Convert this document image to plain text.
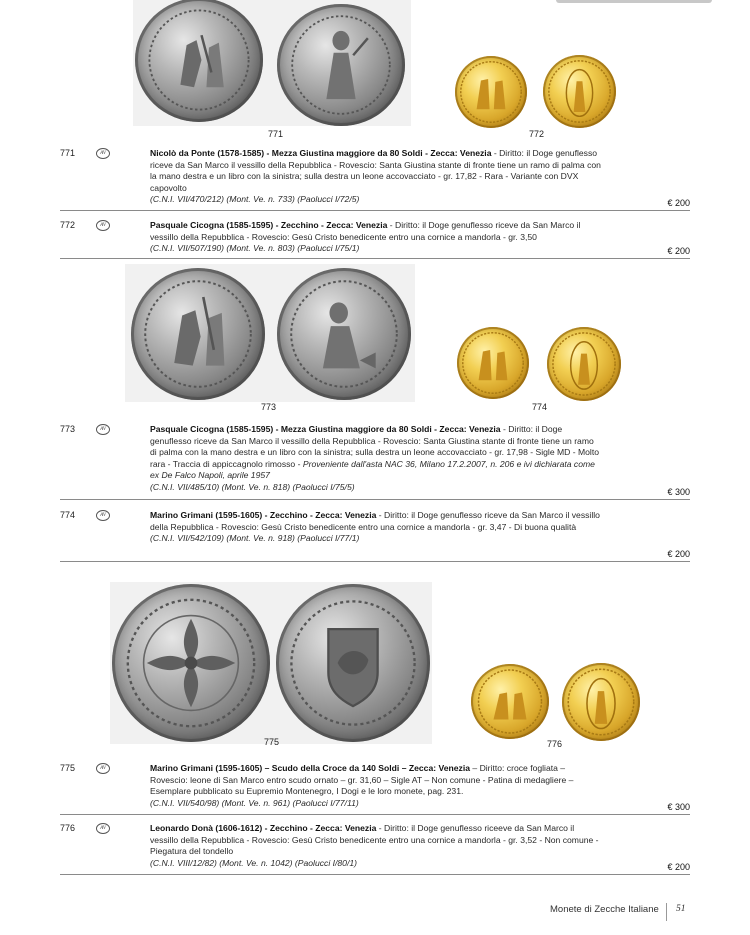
771	772
771	AV	Nicolò da Ponte (1578-1585) - Mezza Giustina maggiore da 80 Soldi - Zecca: Venezia - Diritto: il Doge genuflesso riceve da San Marco il vessillo della Repubblica - Rovescio: Santa Giustina stante di fronte tiene un ramo di palma con la mano destra e un libro con la sinistra; sulla destra un leone accovacciato - gr. 17,82 - Rara - Variante con DVX capovolto
(C.N.I. VII/470/212) (Mont. Ve. n. 733) (Paolucci I/72/5)	€ 200
772	AV	Pasquale Cicogna (1585-1595) - Zecchino - Zecca: Venezia - Diritto: il Doge genuflesso riceve da San Marco il vessillo della Repubblica - Rovescio: Gesù Cristo benedicente entro una cornice a mandorla - gr. 3,50
(C.N.I. VII/507/190) (Mont. Ve. n. 803) (Paolucci I/75/1)	€ 200
773	774
773	AV	Pasquale Cicogna (1585-1595) - Mezza Giustina maggiore da 80 Soldi - Zecca: Venezia - Diritto: il Doge genuflesso riceve da San Marco il vessillo della Repubblica - Rovescio: Santa Giustina stante di fronte tiene un ramo di palma con la mano destra e un libro con la sinistra; sulla destra un leone accovacciato - gr. 17,98 - Sigle MD - Molto rara - Traccia di appiccagnolo rimosso - Proveniente dall'asta NAC 36, Milano 17.2.2007, n. 206 e ivi dichiarata come ex De Falco Napoli, aprile 1957
(C.N.I. VII/485/10) (Mont. Ve. n. 818) (Paolucci I/75/5)
€ 300
774	AV	Marino Grimani (1595-1605) - Zecchino - Zecca: Venezia - Diritto: il Doge genuflesso riceve da San Marco il vessillo della Repubblica - Rovescio: Gesù Cristo benedicente entro una cornice a mandorla - gr. 3,47 - Di buona qualità
(C.N.I. VII/542/109) (Mont. Ve. n. 918) (Paolucci I/77/1)
€ 200
775	776
775	AV	Marino Grimani (1595-1605) – Scudo della Croce da 140 Soldi – Zecca: Venezia – Diritto: croce fogliata – Rovescio: leone di San Marco entro scudo ornato – gr. 31,60 – Sigle AT – Non comune - Patina di medagliere – Esemplare pubblicato su Eupremio Montenegro, I Dogi e le loro monete, pag. 231.
(C.N.I. VII/540/98) (Mont. Ve. n. 961) (Paolucci I/77/11)	€ 300
776	AV	Leonardo Donà (1606-1612) - Zecchino - Zecca: Venezia - Diritto: il Doge genuflesso riceeve da San Marco il vessillo della Repubblica - Rovescio: Gesù Cristo benedicente entro una cornice a mandorla - gr. 3,52 - Non comune - Piegatura del tondello
(C.N.I. VIII/12/82) (Mont. Ve. n. 1042) (Paolucci I/80/1)	€ 200
Monete di Zecche Italiane 51
